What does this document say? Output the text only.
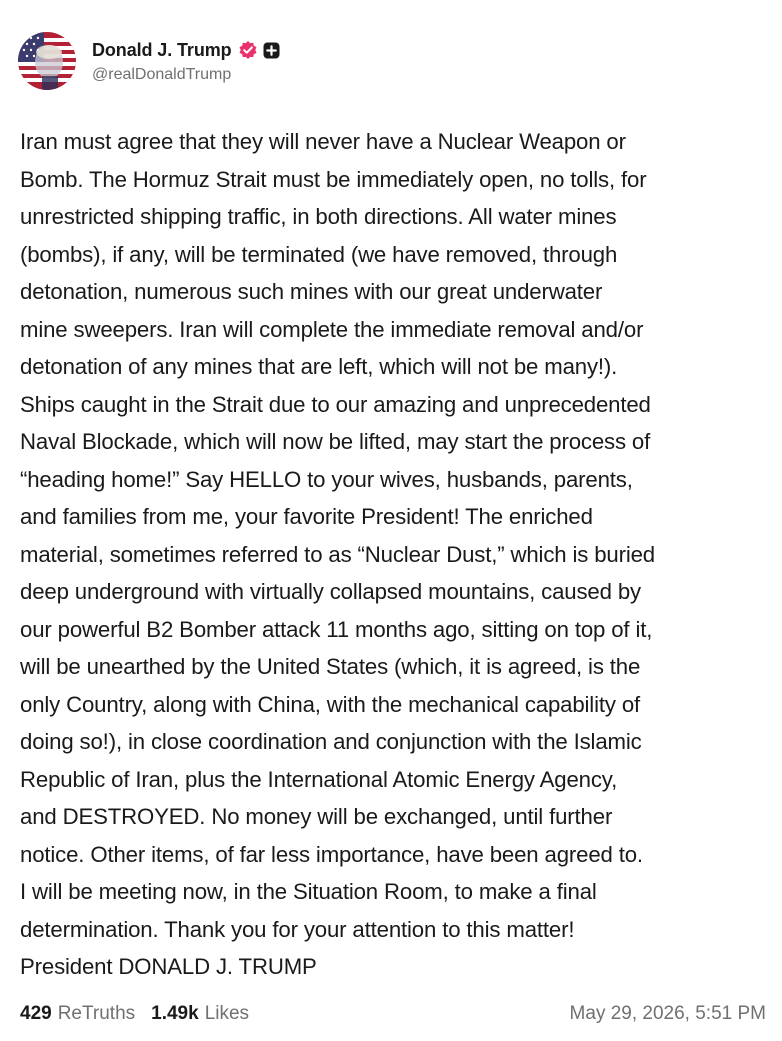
Donald J. Trump
@realDonaldTrump
Iran must agree that they will never have a Nuclear Weapon or
Bomb. The Hormuz Strait must be immediately open, no tolls, for
unrestricted shipping traffic, in both directions. All water mines
(bombs), if any, will be terminated (we have removed, through
detonation, numerous such mines with our great underwater
mine sweepers. Iran will complete the immediate removal and/or
detonation of any mines that are left, which will not be many!).
Ships caught in the Strait due to our amazing and unprecedented
Naval Blockade, which will now be lifted, may start the process of
“heading home!” Say HELLO to your wives, husbands, parents,
and families from me, your favorite President! The enriched
material, sometimes referred to as “Nuclear Dust,” which is buried
deep underground with virtually collapsed mountains, caused by
our powerful B2 Bomber attack 11 months ago, sitting on top of it,
will be unearthed by the United States (which, it is agreed, is the
only Country, along with China, with the mechanical capability of
doing so!), in close coordination and conjunction with the Islamic
Republic of Iran, plus the International Atomic Energy Agency,
and DESTROYED. No money will be exchanged, until further
notice. Other items, of far less importance, have been agreed to.
I will be meeting now, in the Situation Room, to make a final
determination. Thank you for your attention to this matter!
President DONALD J. TRUMP
429 ReTruths 1.49k Likes	May 29, 2026, 5:51 PM
